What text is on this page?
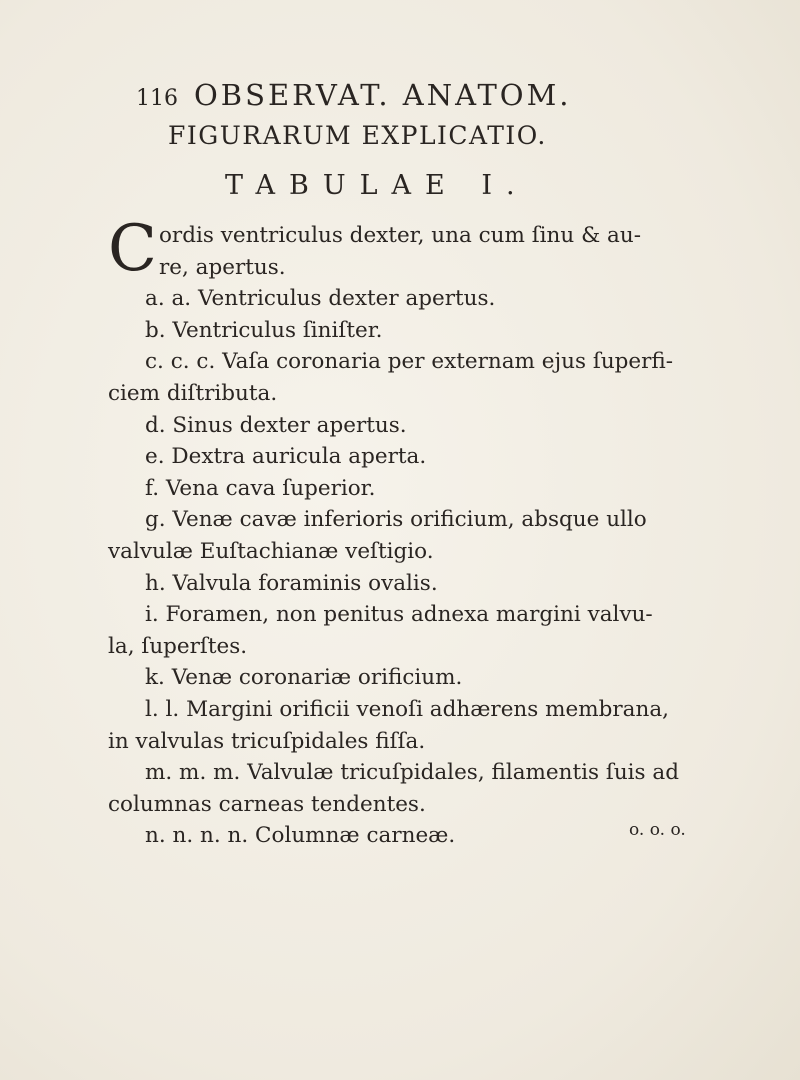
116 OBSERVAT. ANATOM.
FIGURARUM EXPLICATIO.
TABULAE I.
C ordis ventriculus dexter, una cum ſinu & au-
re, apertus.
a. a. Ventriculus dexter apertus.
b. Ventriculus ſiniſter.
c. c. c. Vaſa coronaria per externam ejus ſuperfi-
ciem diſtributa.
d. Sinus dexter apertus.
e. Dextra auricula aperta.
f. Vena cava ſuperior.
g. Venæ cavæ inferioris orificium, absque ullo
valvulæ Euſtachianæ veſtigio.
h. Valvula foraminis ovalis.
i. Foramen, non penitus adnexa margini valvu-
la, ſuperſtes.
k. Venæ coronariæ orificium.
l. l. Margini orificii venoſi adhærens membrana,
in valvulas tricuſpidales fiſſa.
m. m. m. Valvulæ tricuſpidales, filamentis ſuis ad
columnas carneas tendentes.
n. n. n. n. Columnæ carneæ.	o. o. o.
